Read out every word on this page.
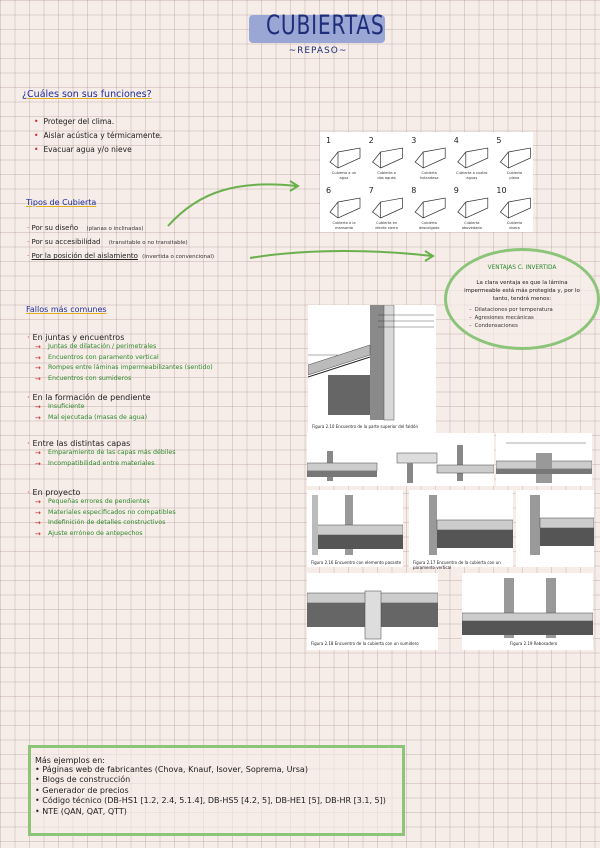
CUBIERTAS
~REPASO~
¿Cuáles son sus funciones?
• Proteger del clima.
• Aislar acústica y térmicamente.
• Evacuar agua y/o nieve
Tipos de Cubierta
· Por su diseño (planas o inclinadas)
· Por su accesibilidad (transitable o no transitable)
· Por la posición del aislamiento (invertida o convencional)
1
Cubierta a un
agua
2
Cubierta a
dos aguas
3
Cubierta
holandesa
4
Cubierta a cuatro
aguas
5
Cubierta
plana
6
Cubierta a la
mansarda
7
Cubierta en
diente sierra
8
Cubierta
descolgada
9
Cubierta
abovedada
10
Cubierta
visera
VENTAJAS C. INVERTIDA
La clara ventaja es que la lámina impermeable está más protegida y, por lo tanto, tendrá menos:
– Dilataciones por temperatura
– Agresiones mecánicas
– Condensaciones
Fallos más comunes
· En juntas y encuentros
→ Juntas de dilatación / perimetrales
→ Encuentros con paramento vertical
→ Rompes entre láminas impermeabilizantes (sentido)
→ Encuentros con sumideros
· En la formación de pendiente
→ Insuficiente
→ Mal ejecutada (masas de agua)
· Entre las distintas capas
→ Emparamiento de las capas más débiles
→ Incompatibilidad entre materiales
· En proyecto
→ Pequeñas errores de pendientes
→ Materiales especificados no compatibles
→ Indefinición de detalles constructivos
→ Ajuste erróneo de antepechos
Figura 2.10 Encuentro de la parte superior del faldón
Figura 2.16 Encuentro con elemento pasante	Figura 2.17 Encuentro de la cubierta con un paramento vertical
Figura 2.18 Encuentro de la cubierta con un sumidero	Figura 2.19 Rebosadero
Más ejemplos en:
• Páginas web de fabricantes (Chova, Knauf, Isover, Soprema, Ursa)
• Blogs de construcción
• Generador de precios
• Código técnico (DB-HS1 [1.2, 2.4, 5.1.4], DB-HS5 [4.2, 5], DB-HE1 [5], DB-HR [3.1, 5])
• NTE (QAN, QAT, QTT)
